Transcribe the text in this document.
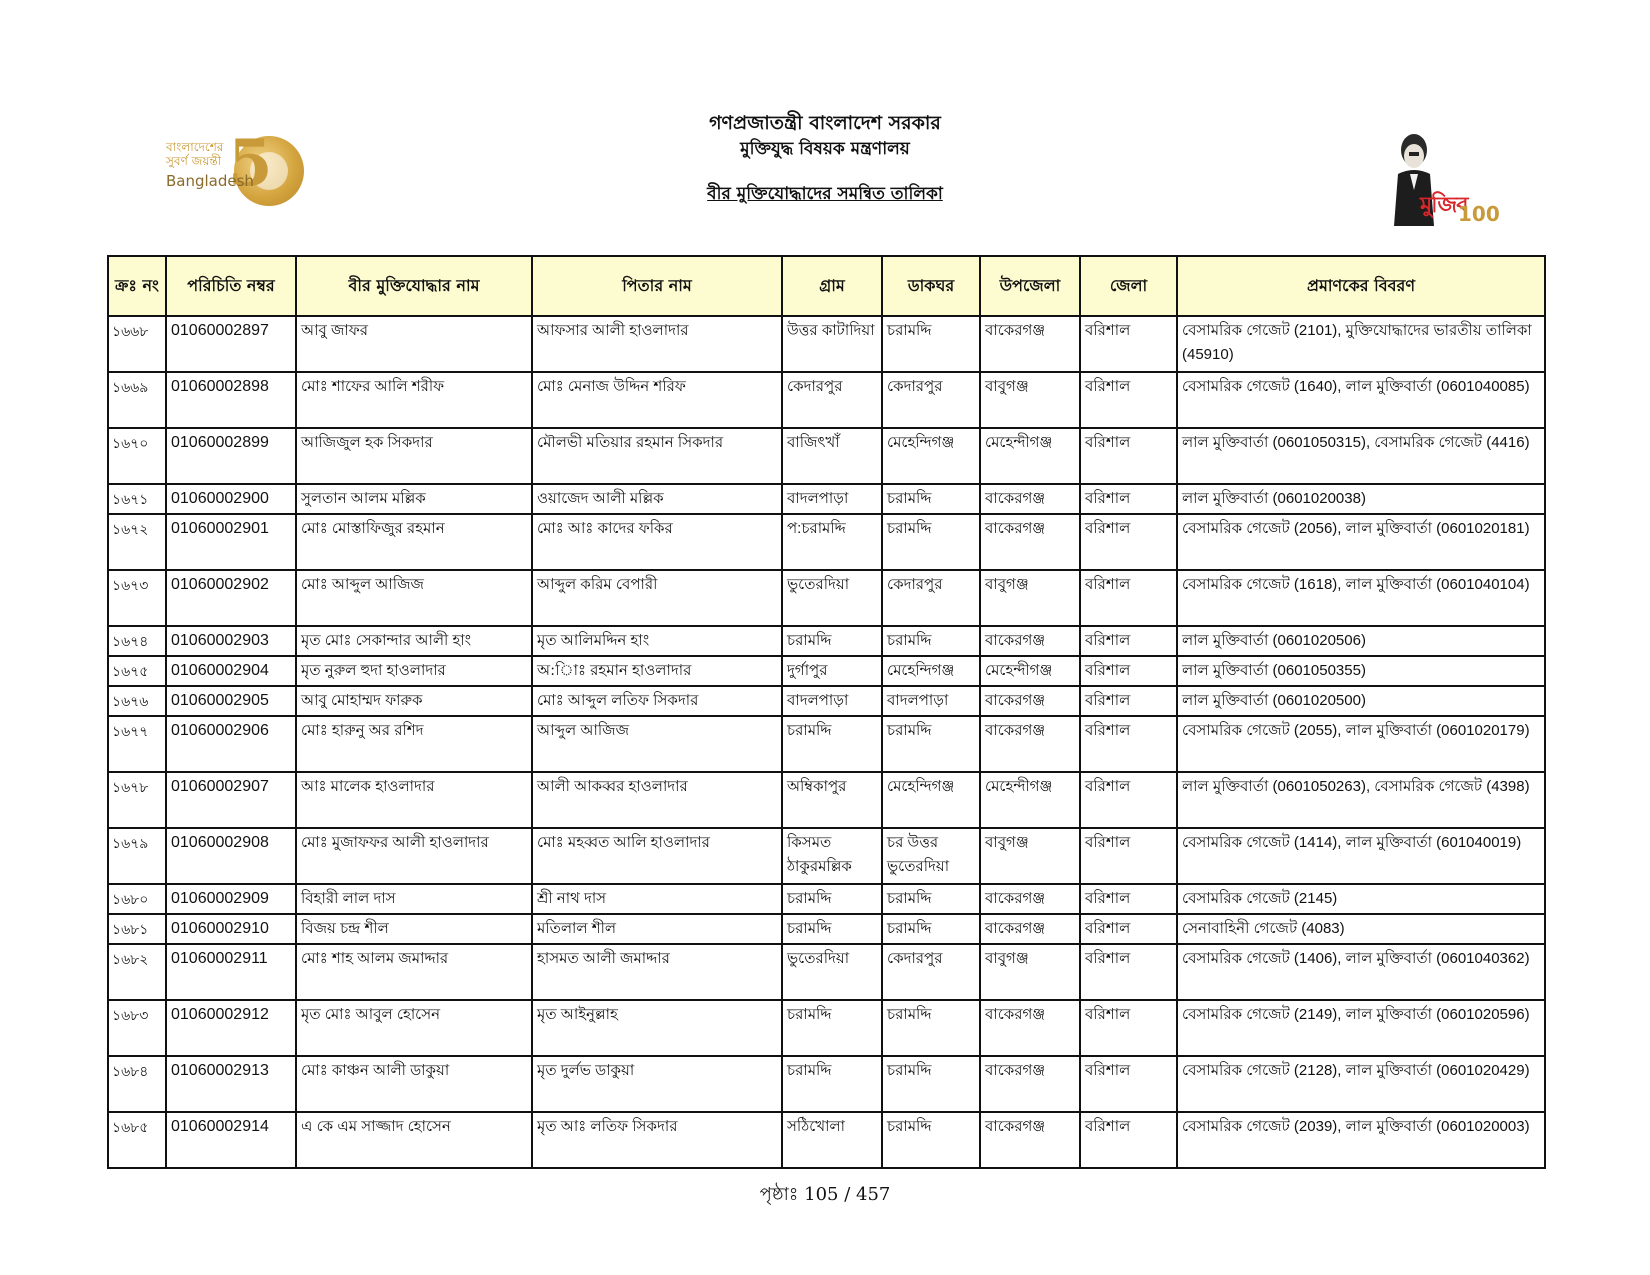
5
বাংলাদেশের সুবর্ণ জয়ন্তী
Bangladesh
মুজিব
100
গণপ্রজাতন্ত্রী বাংলাদেশ সরকার
মুক্তিযুদ্ধ বিষয়ক মন্ত্রণালয়
বীর মুক্তিযোদ্ধাদের সমন্বিত তালিকা
ক্রঃ নং	পরিচিতি নম্বর	বীর মুক্তিযোদ্ধার নাম	পিতার নাম	গ্রাম	ডাকঘর	উপজেলা	জেলা	প্রমাণকের বিবরণ
১৬৬৮	01060002897	আবু জাফর	আফসার আলী হাওলাদার	উত্তর কাটাদিয়া	চরামদ্দি	বাকেরগঞ্জ	বরিশাল	বেসামরিক গেজেট (2101), মুক্তিযোদ্ধাদের ভারতীয় তালিকা (45910)
১৬৬৯	01060002898	মোঃ শাফের আলি শরীফ	মোঃ মেনাজ উদ্দিন শরিফ	কেদারপুর	কেদারপুর	বাবুগঞ্জ	বরিশাল	বেসামরিক গেজেট (1640), লাল মুক্তিবার্তা (0601040085)
১৬৭০	01060002899	আজিজুল হক সিকদার	মৌলভী মতিয়ার রহমান সিকদার	বাজিৎখাঁ	মেহেন্দিগঞ্জ	মেহেন্দীগঞ্জ	বরিশাল	লাল মুক্তিবার্তা (0601050315), বেসামরিক গেজেট (4416)
১৬৭১	01060002900	সুলতান আলম মল্লিক	ওয়াজেদ আলী মল্লিক	বাদলপাড়া	চরামদ্দি	বাকেরগঞ্জ	বরিশাল	লাল মুক্তিবার্তা (0601020038)
১৬৭২	01060002901	মোঃ মোস্তাফিজুর রহমান	মোঃ আঃ কাদের ফকির	প:চরামদ্দি	চরামদ্দি	বাকেরগঞ্জ	বরিশাল	বেসামরিক গেজেট (2056), লাল মুক্তিবার্তা (0601020181)
১৬৭৩	01060002902	মোঃ আব্দুল আজিজ	আব্দুল করিম বেপারী	ভুতেরদিয়া	কেদারপুর	বাবুগঞ্জ	বরিশাল	বেসামরিক গেজেট (1618), লাল মুক্তিবার্তা (0601040104)
১৬৭৪	01060002903	মৃত মোঃ সেকান্দার আলী হাং	মৃত আলিমদ্দিন হাং	চরামদ্দি	চরামদ্দি	বাকেরগঞ্জ	বরিশাল	লাল মুক্তিবার্তা (0601020506)
১৬৭৫	01060002904	মৃত নুরুল হুদা হাওলাদার	অ:ািঃ রহমান হাওলাদার	দুর্গাপুর	মেহেন্দিগঞ্জ	মেহেন্দীগঞ্জ	বরিশাল	লাল মুক্তিবার্তা (0601050355)
১৬৭৬	01060002905	আবু মোহাম্মদ ফারুক	মোঃ আব্দুল লতিফ সিকদার	বাদলপাড়া	বাদলপাড়া	বাকেরগঞ্জ	বরিশাল	লাল মুক্তিবার্তা (0601020500)
১৬৭৭	01060002906	মোঃ হারুনু অর রশিদ	আব্দুল আজিজ	চরামদ্দি	চরামদ্দি	বাকেরগঞ্জ	বরিশাল	বেসামরিক গেজেট (2055), লাল মুক্তিবার্তা (0601020179)
১৬৭৮	01060002907	আঃ মালেক হাওলাদার	আলী আকব্বর হাওলাদার	অম্বিকাপুর	মেহেন্দিগঞ্জ	মেহেন্দীগঞ্জ	বরিশাল	লাল মুক্তিবার্তা (0601050263), বেসামরিক গেজেট (4398)
১৬৭৯	01060002908	মোঃ মুজাফফর আলী হাওলাদার	মোঃ মহব্বত আলি হাওলাদার	কিসমত ঠাকুরমল্লিক	চর উত্তর ভুতেরদিয়া	বাবুগঞ্জ	বরিশাল	বেসামরিক গেজেট (1414), লাল মুক্তিবার্তা (601040019)
১৬৮০	01060002909	বিহারী লাল দাস	শ্রী নাথ দাস	চরামদ্দি	চরামদ্দি	বাকেরগঞ্জ	বরিশাল	বেসামরিক গেজেট (2145)
১৬৮১	01060002910	বিজয় চন্দ্র শীল	মতিলাল শীল	চরামদ্দি	চরামদ্দি	বাকেরগঞ্জ	বরিশাল	সেনাবাহিনী গেজেট (4083)
১৬৮২	01060002911	মোঃ শাহ আলম জমাদ্দার	হাসমত আলী জমাদ্দার	ভুতেরদিয়া	কেদারপুর	বাবুগঞ্জ	বরিশাল	বেসামরিক গেজেট (1406), লাল মুক্তিবার্তা (0601040362)
১৬৮৩	01060002912	মৃত মোঃ আবুল হোসেন	মৃত আইনুল্লাহ	চরামদ্দি	চরামদ্দি	বাকেরগঞ্জ	বরিশাল	বেসামরিক গেজেট (2149), লাল মুক্তিবার্তা (0601020596)
১৬৮৪	01060002913	মোঃ কাঞ্চন আলী ডাকুয়া	মৃত দুর্লভ ডাকুয়া	চরামদ্দি	চরামদ্দি	বাকেরগঞ্জ	বরিশাল	বেসামরিক গেজেট (2128), লাল মুক্তিবার্তা (0601020429)
১৬৮৫	01060002914	এ কে এম সাজ্জাদ হোসেন	মৃত আঃ লতিফ সিকদার	সঠিখোলা	চরামদ্দি	বাকেরগঞ্জ	বরিশাল	বেসামরিক গেজেট (2039), লাল মুক্তিবার্তা (0601020003)
পৃষ্ঠাঃ 105 / 457
